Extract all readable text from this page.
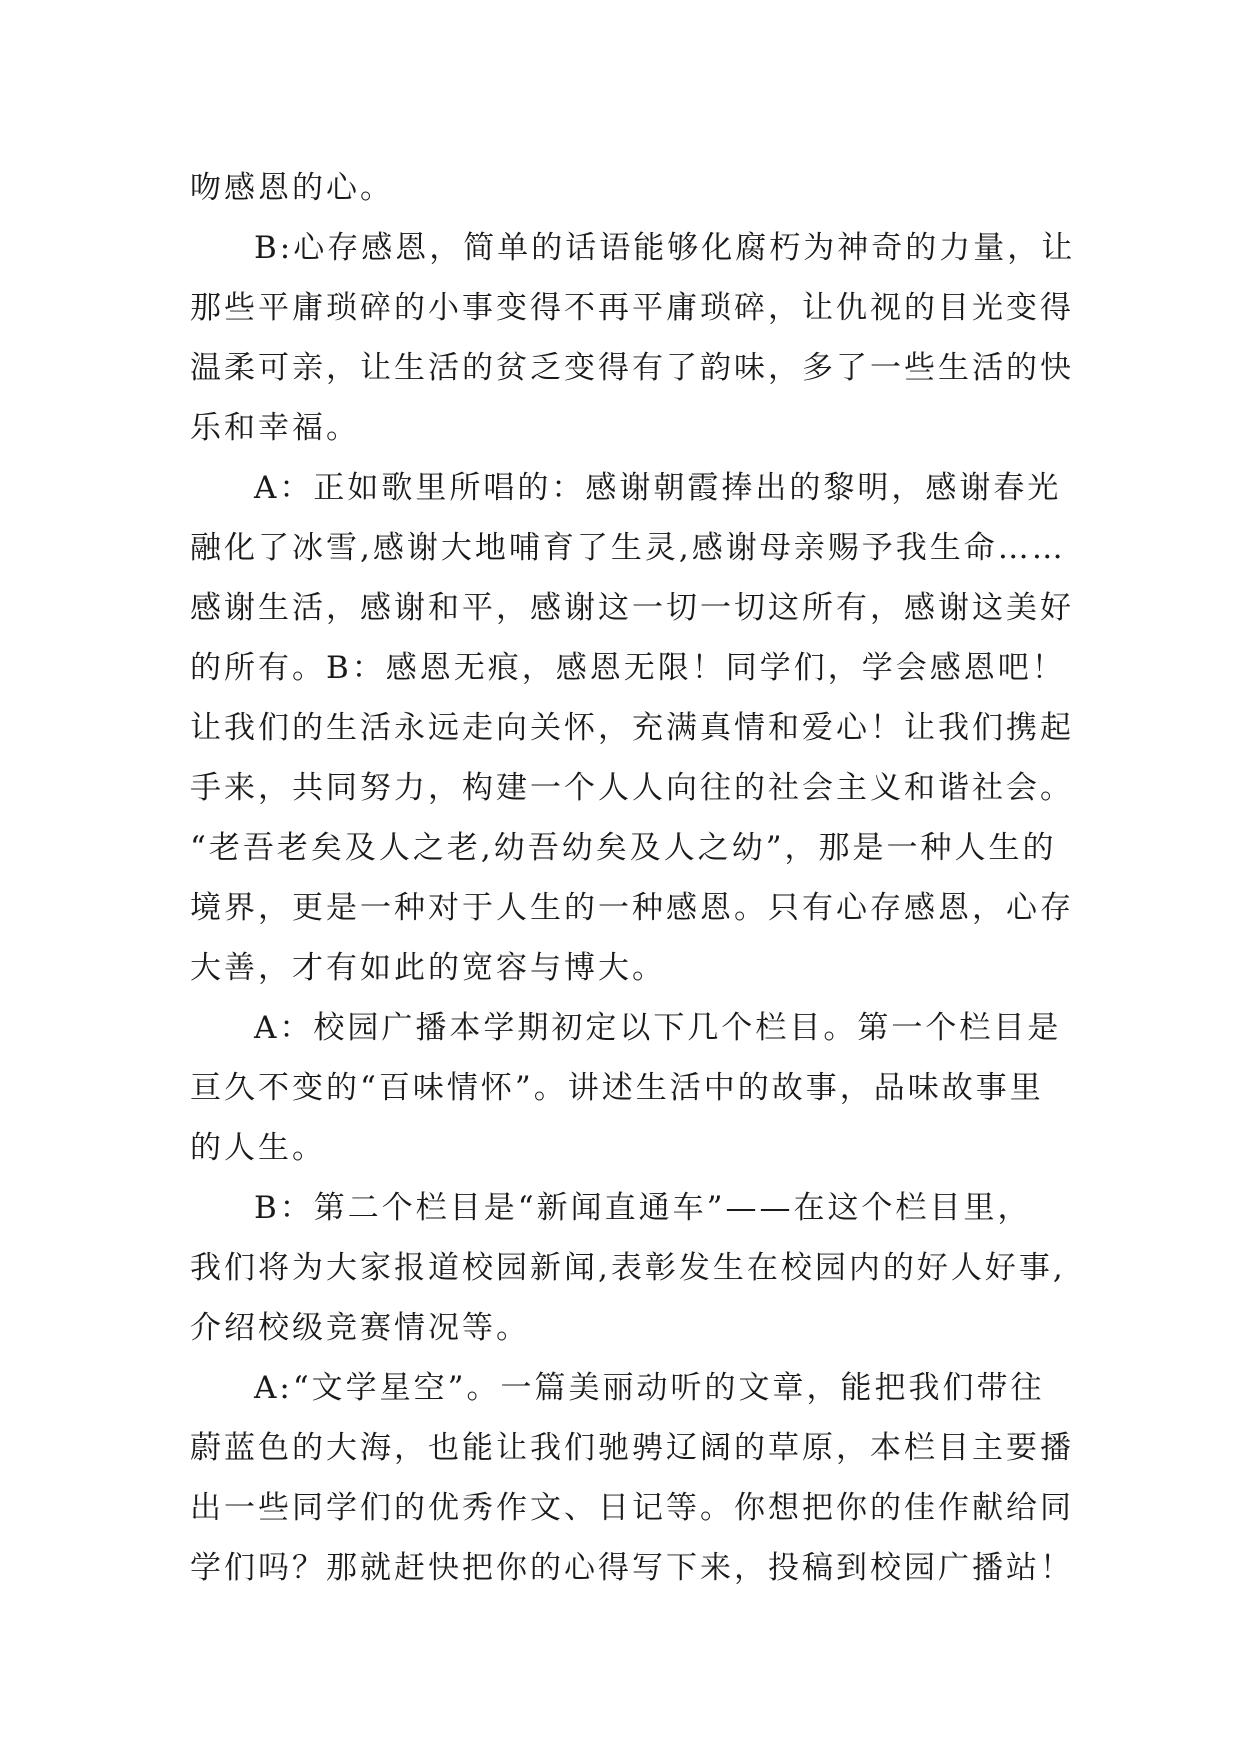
吻感恩的心。
B:心存感恩，简单的话语能够化腐朽为神奇的力量，让
那些平庸琐碎的小事变得不再平庸琐碎，让仇视的目光变得
温柔可亲，让生活的贫乏变得有了韵味，多了一些生活的快
乐和幸福。
A：正如歌里所唱的：感谢朝霞捧出的黎明，感谢春光
融化了冰雪,感谢大地哺育了生灵,感谢母亲赐予我生命……
感谢生活，感谢和平，感谢这一切一切这所有，感谢这美好
的所有。B：感恩无痕，感恩无限！同学们，学会感恩吧！
让我们的生活永远走向关怀，充满真情和爱心！让我们携起
手来，共同努力，构建一个人人向往的社会主义和谐社会。
“老吾老矣及人之老,幼吾幼矣及人之幼”，那是一种人生的
境界，更是一种对于人生的一种感恩。只有心存感恩，心存
大善，才有如此的宽容与博大。
A：校园广播本学期初定以下几个栏目。第一个栏目是
亘久不变的“百味情怀”。讲述生活中的故事，品味故事里
的人生。
B：第二个栏目是“新闻直通车”——在这个栏目里，
我们将为大家报道校园新闻,表彰发生在校园内的好人好事,
介绍校级竞赛情况等。
A:“文学星空”。一篇美丽动听的文章，能把我们带往
蔚蓝色的大海，也能让我们驰骋辽阔的草原，本栏目主要播
出一些同学们的优秀作文、日记等。你想把你的佳作献给同
学们吗？那就赶快把你的心得写下来，投稿到校园广播站！
